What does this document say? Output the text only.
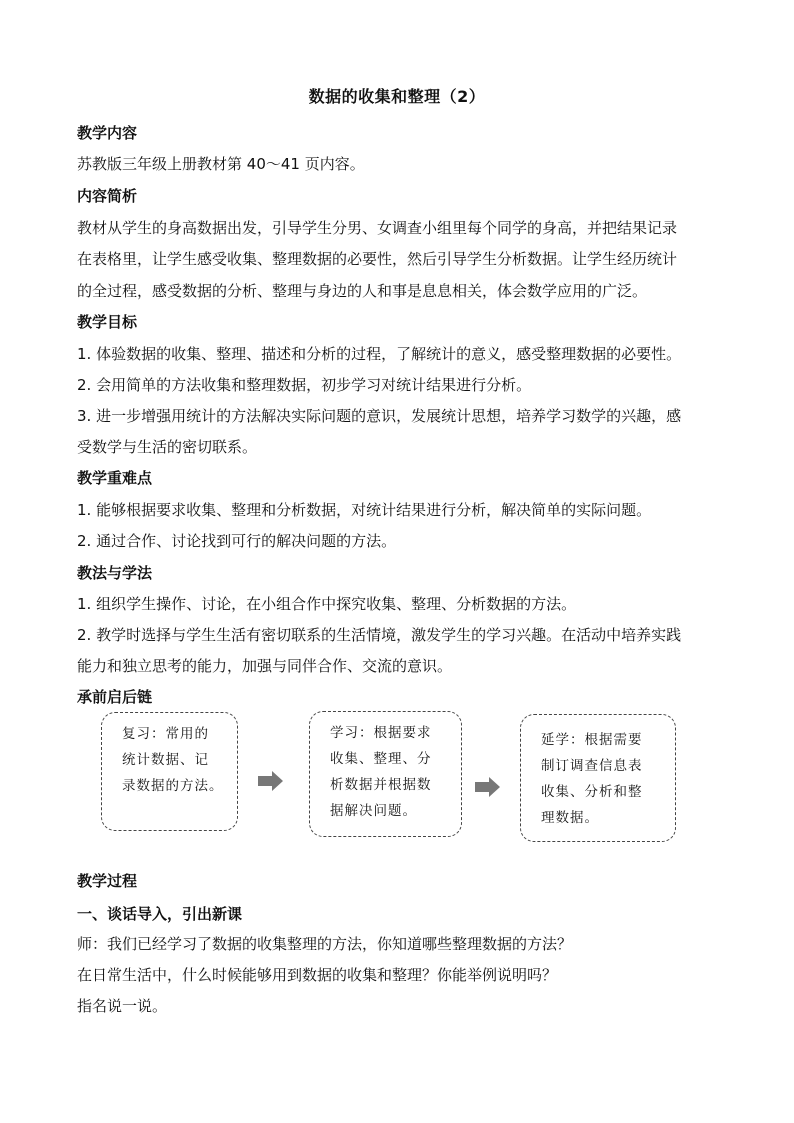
数据的收集和整理（2）
教学内容
苏教版三年级上册教材第 40～41 页内容。
内容简析
教材从学生的身高数据出发，引导学生分男、女调查小组里每个同学的身高，并把结果记录
在表格里，让学生感受收集、整理数据的必要性，然后引导学生分析数据。让学生经历统计
的全过程，感受数据的分析、整理与身边的人和事是息息相关，体会数学应用的广泛。
教学目标
1. 体验数据的收集、整理、描述和分析的过程，了解统计的意义，感受整理数据的必要性。
2. 会用简单的方法收集和整理数据，初步学习对统计结果进行分析。
3. 进一步增强用统计的方法解决实际问题的意识，发展统计思想，培养学习数学的兴趣，感
受数学与生活的密切联系。
教学重难点
1. 能够根据要求收集、整理和分析数据，对统计结果进行分析，解决简单的实际问题。
2. 通过合作、讨论找到可行的解决问题的方法。
教法与学法
1. 组织学生操作、讨论，在小组合作中探究收集、整理、分析数据的方法。
2. 教学时选择与学生生活有密切联系的生活情境，激发学生的学习兴趣。在活动中培养实践
能力和独立思考的能力，加强与同伴合作、交流的意识。
承前启后链
复习：常用的
统计数据、记
录数据的方法。
学习：根据要求
收集、整理、分
析数据并根据数
据解决问题。
延学：根据需要
制订调查信息表
收集、分析和整
理数据。
教学过程
一、谈话导入，引出新课
师：我们已经学习了数据的收集整理的方法，你知道哪些整理数据的方法？
在日常生活中，什么时候能够用到数据的收集和整理？你能举例说明吗？
指名说一说。
